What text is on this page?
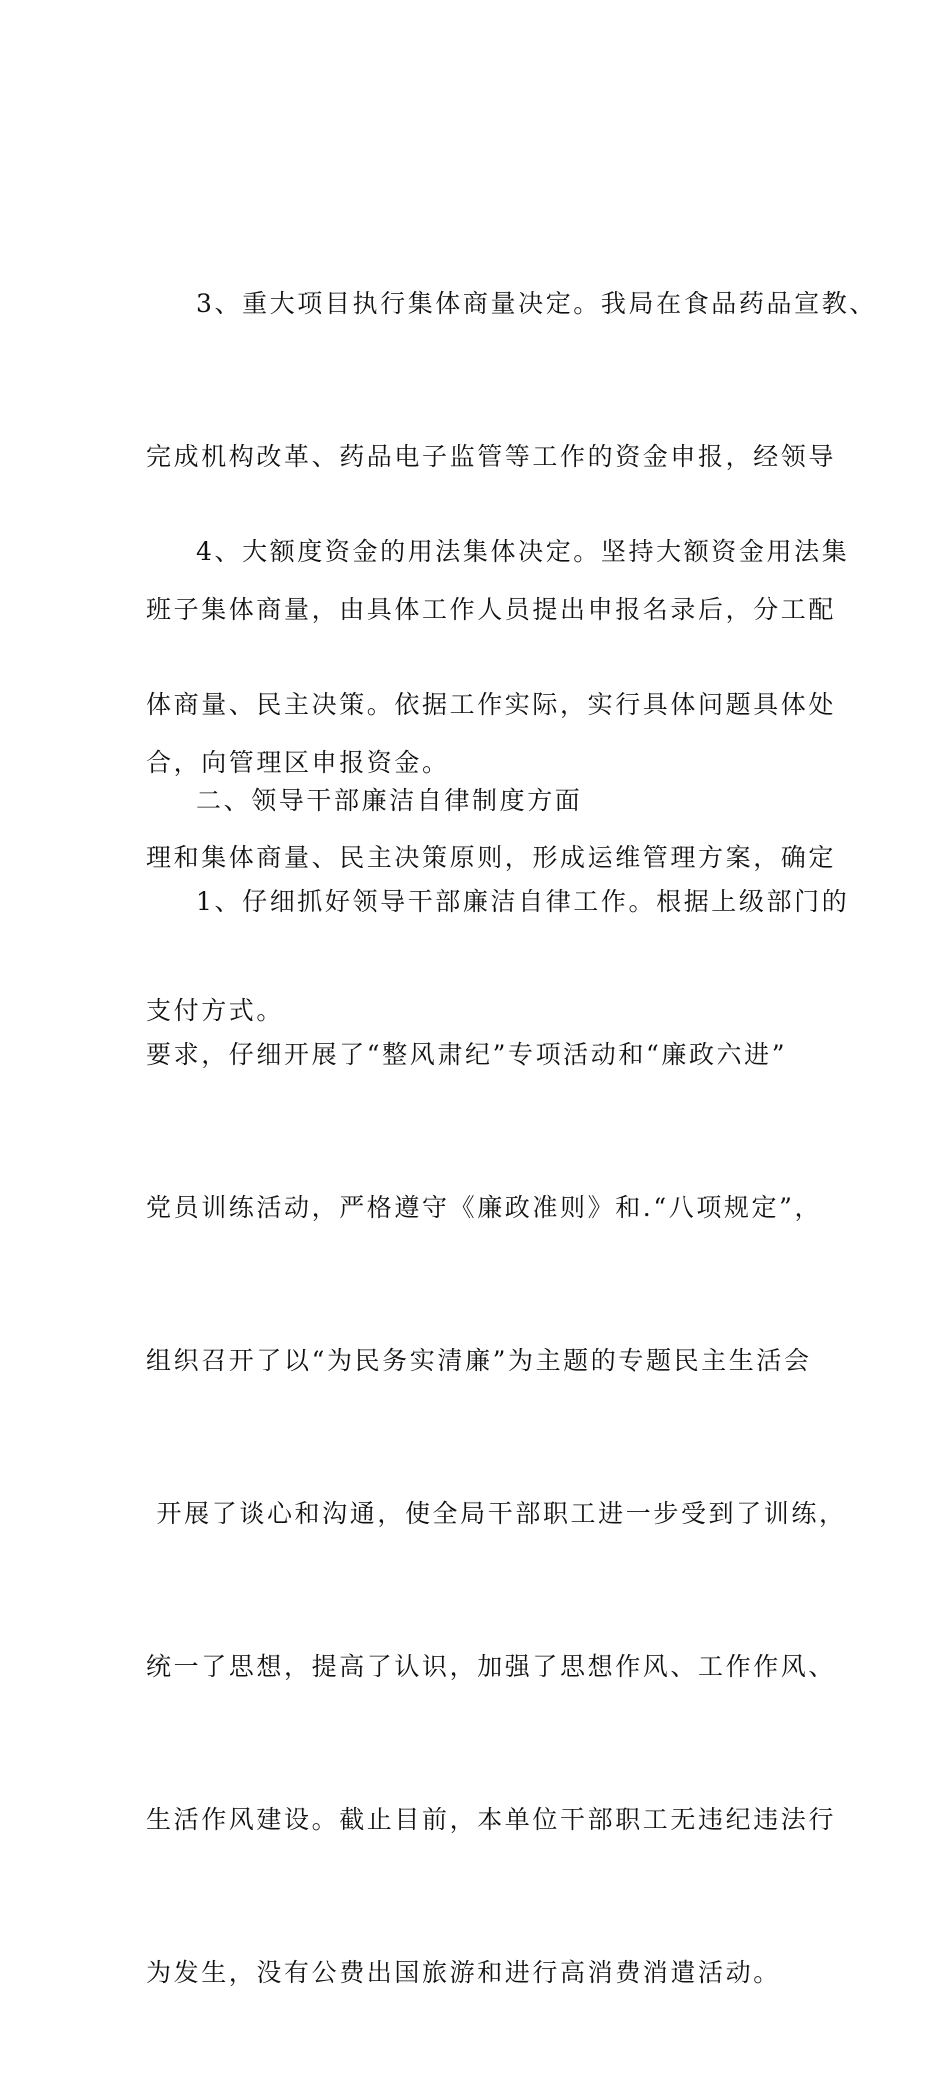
3、重大项目执行集体商量决定。我局在食品药品宣教、

完成机构改革、药品电子监管等工作的资金申报，经领导

班子集体商量，由具体工作人员提出申报名录后，分工配

合，向管理区申报资金。

4、大额度资金的用法集体决定。坚持大额资金用法集

体商量、民主决策。依据工作实际，实行具体问题具体处

理和集体商量、民主决策原则，形成运维管理方案，确定

支付方式。

二、领导干部廉洁自律制度方面

1、仔细抓好领导干部廉洁自律工作。根据上级部门的

要求，仔细开展了“整风肃纪”专项活动和“廉政六进”

党员训练活动，严格遵守《廉政准则》和.“八项规定”，

组织召开了以“为民务实清廉”为主题的专题民主生活会

开展了谈心和沟通，使全局干部职工进一步受到了训练，

统一了思想，提高了认识，加强了思想作风、工作作风、

生活作风建设。截止目前，本单位干部职工无违纪违法行

为发生，没有公费出国旅游和进行高消费消遣活动。
